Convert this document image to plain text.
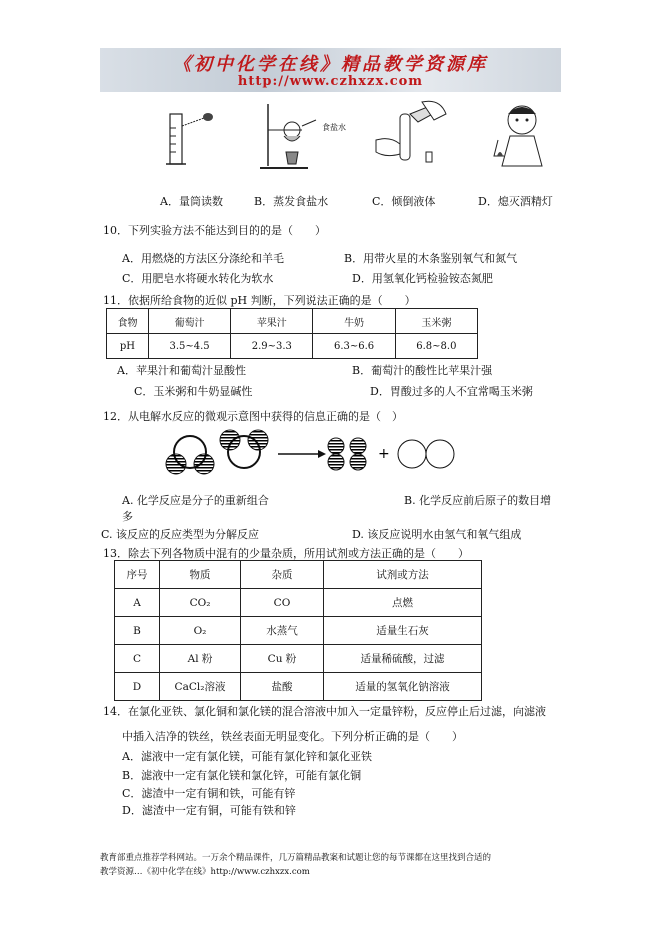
《初中化学在线》精品教学资源库
http://www.czhxzx.com
食盐水
A．量筒读数	B．蒸发食盐水	C．倾倒液体	D．熄灭酒精灯
10．下列实验方法不能达到目的的是（　　）
A．用燃烧的方法区分涤纶和羊毛	B．用带火星的木条鉴别氧气和氮气
C．用肥皂水将硬水转化为软水	D．用氢氧化钙检验铵态氮肥
11．依据所给食物的近似 pH 判断，下列说法正确的是（　　）
食物	葡萄汁	苹果汁	牛奶	玉米粥
pH	3.5~4.5	2.9~3.3	6.3~6.6	6.8~8.0
A．苹果汁和葡萄汁显酸性	B．葡萄汁的酸性比苹果汁强
C．玉米粥和牛奶显碱性	D．胃酸过多的人不宜常喝玉米粥
12．从电解水反应的微观示意图中获得的信息正确的是（　）
+
A. 化学反应是分子的重新组合	B. 化学反应前后原子的数目增
多
C. 该反应的反应类型为分解反应	D. 该反应说明水由氢气和氧气组成
13．除去下列各物质中混有的少量杂质，所用试剂或方法正确的是（　　）
序号	物质	杂质	试剂或方法
A	CO₂	CO	点燃
B	O₂	水蒸气	适量生石灰
C	Al 粉	Cu 粉	适量稀硫酸，过滤
D	CaCl₂溶液	盐酸	适量的氢氧化钠溶液
14．在氯化亚铁、氯化铜和氯化镁的混合溶液中加入一定量锌粉，反应停止后过滤，向滤液
中插入洁净的铁丝，铁丝表面无明显变化。下列分析正确的是（　　）
A．滤液中一定有氯化镁，可能有氯化锌和氯化亚铁
B．滤液中一定有氯化镁和氯化锌，可能有氯化铜
C．滤渣中一定有铜和铁，可能有锌
D．滤渣中一定有铜，可能有铁和锌
教育部重点推荐学科网站。一万余个精品课件，几万篇精品教案和试题让您的每节课都在这里找到合适的
教学资源…《初中化学在线》http://www.czhxzx.com
